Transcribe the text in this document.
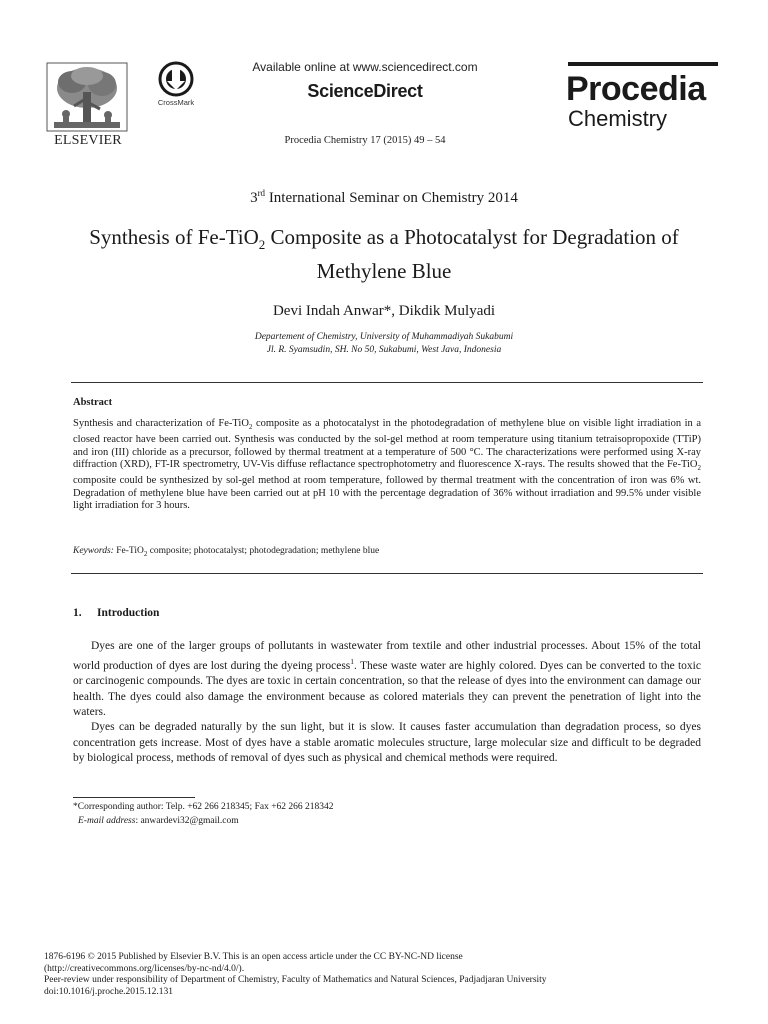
ELSEVIER
CrossMark
Available online at www.sciencedirect.com
ScienceDirect
Procedia Chemistry 17 (2015) 49 – 54
Procedia
Chemistry
3rd International Seminar on Chemistry 2014
Synthesis of Fe-TiO$_2$ Composite as a Photocatalyst for Degradation of Methylene Blue
Devi Indah Anwar*, Dikdik Mulyadi
Departement of Chemistry, University of Muhammadiyah Sukabumi
Jl. R. Syamsudin, SH. No 50, Sukabumi, West Java, Indonesia
Abstract
Synthesis and characterization of Fe-TiO$_2$ composite as a photocatalyst in the photodegradation of methylene blue on visible light irradiation in a closed reactor have been carried out. Synthesis was conducted by the sol-gel method at room temperature using titanium tetraisopropoxide (TTiP) and iron (III) chloride as a precursor, followed by thermal treatment at a temperature of 500 °C. The characterizations were performed using X-ray diffraction (XRD), FT-IR spectrometry, UV-Vis diffuse reflactance spectrophotometry and fluorescence X-rays. The results showed that the Fe-TiO$_2$ composite could be synthesized by sol-gel method at room temperature, followed by thermal treatment with the concentration of iron was 6% wt. Degradation of methylene blue have been carried out at pH 10 with the percentage degradation of 36% without irradiation and 99.5% under visible light irradiation for 3 hours.
Keywords: Fe-TiO$_2$ composite; photocatalyst; photodegradation; methylene blue
1. Introduction

Dyes are one of the larger groups of pollutants in wastewater from textile and other industrial processes. About 15% of the total world production of dyes are lost during the dyeing process$^1$. These waste water are highly colored. Dyes can be converted to the toxic or carcinogenic compounds. The dyes are toxic in certain concentration, so that the release of dyes into the environment can damage our health. The dyes could also damage the environment because as colored materials they can prevent the penetration of light into the waters.

Dyes can be degraded naturally by the sun light, but it is slow. It causes faster accumulation than degradation process, so dyes concentration gets increase. Most of dyes have a stable aromatic molecules structure, large molecular size and difficult to be degraded by biological process, methods of removal of dyes such as physical and chemical methods were required.

*Corresponding author: Telp. +62 266 218345; Fax +62 266 218342
E-mail address: anwardevi32@gmail.com
1876-6196 © 2015 Published by Elsevier B.V. This is an open access article under the CC BY-NC-ND license
(http://creativecommons.org/licenses/by-nc-nd/4.0/).
Peer-review under responsibility of Department of Chemistry, Faculty of Mathematics and Natural Sciences, Padjadjaran University
doi:10.1016/j.proche.2015.12.131
